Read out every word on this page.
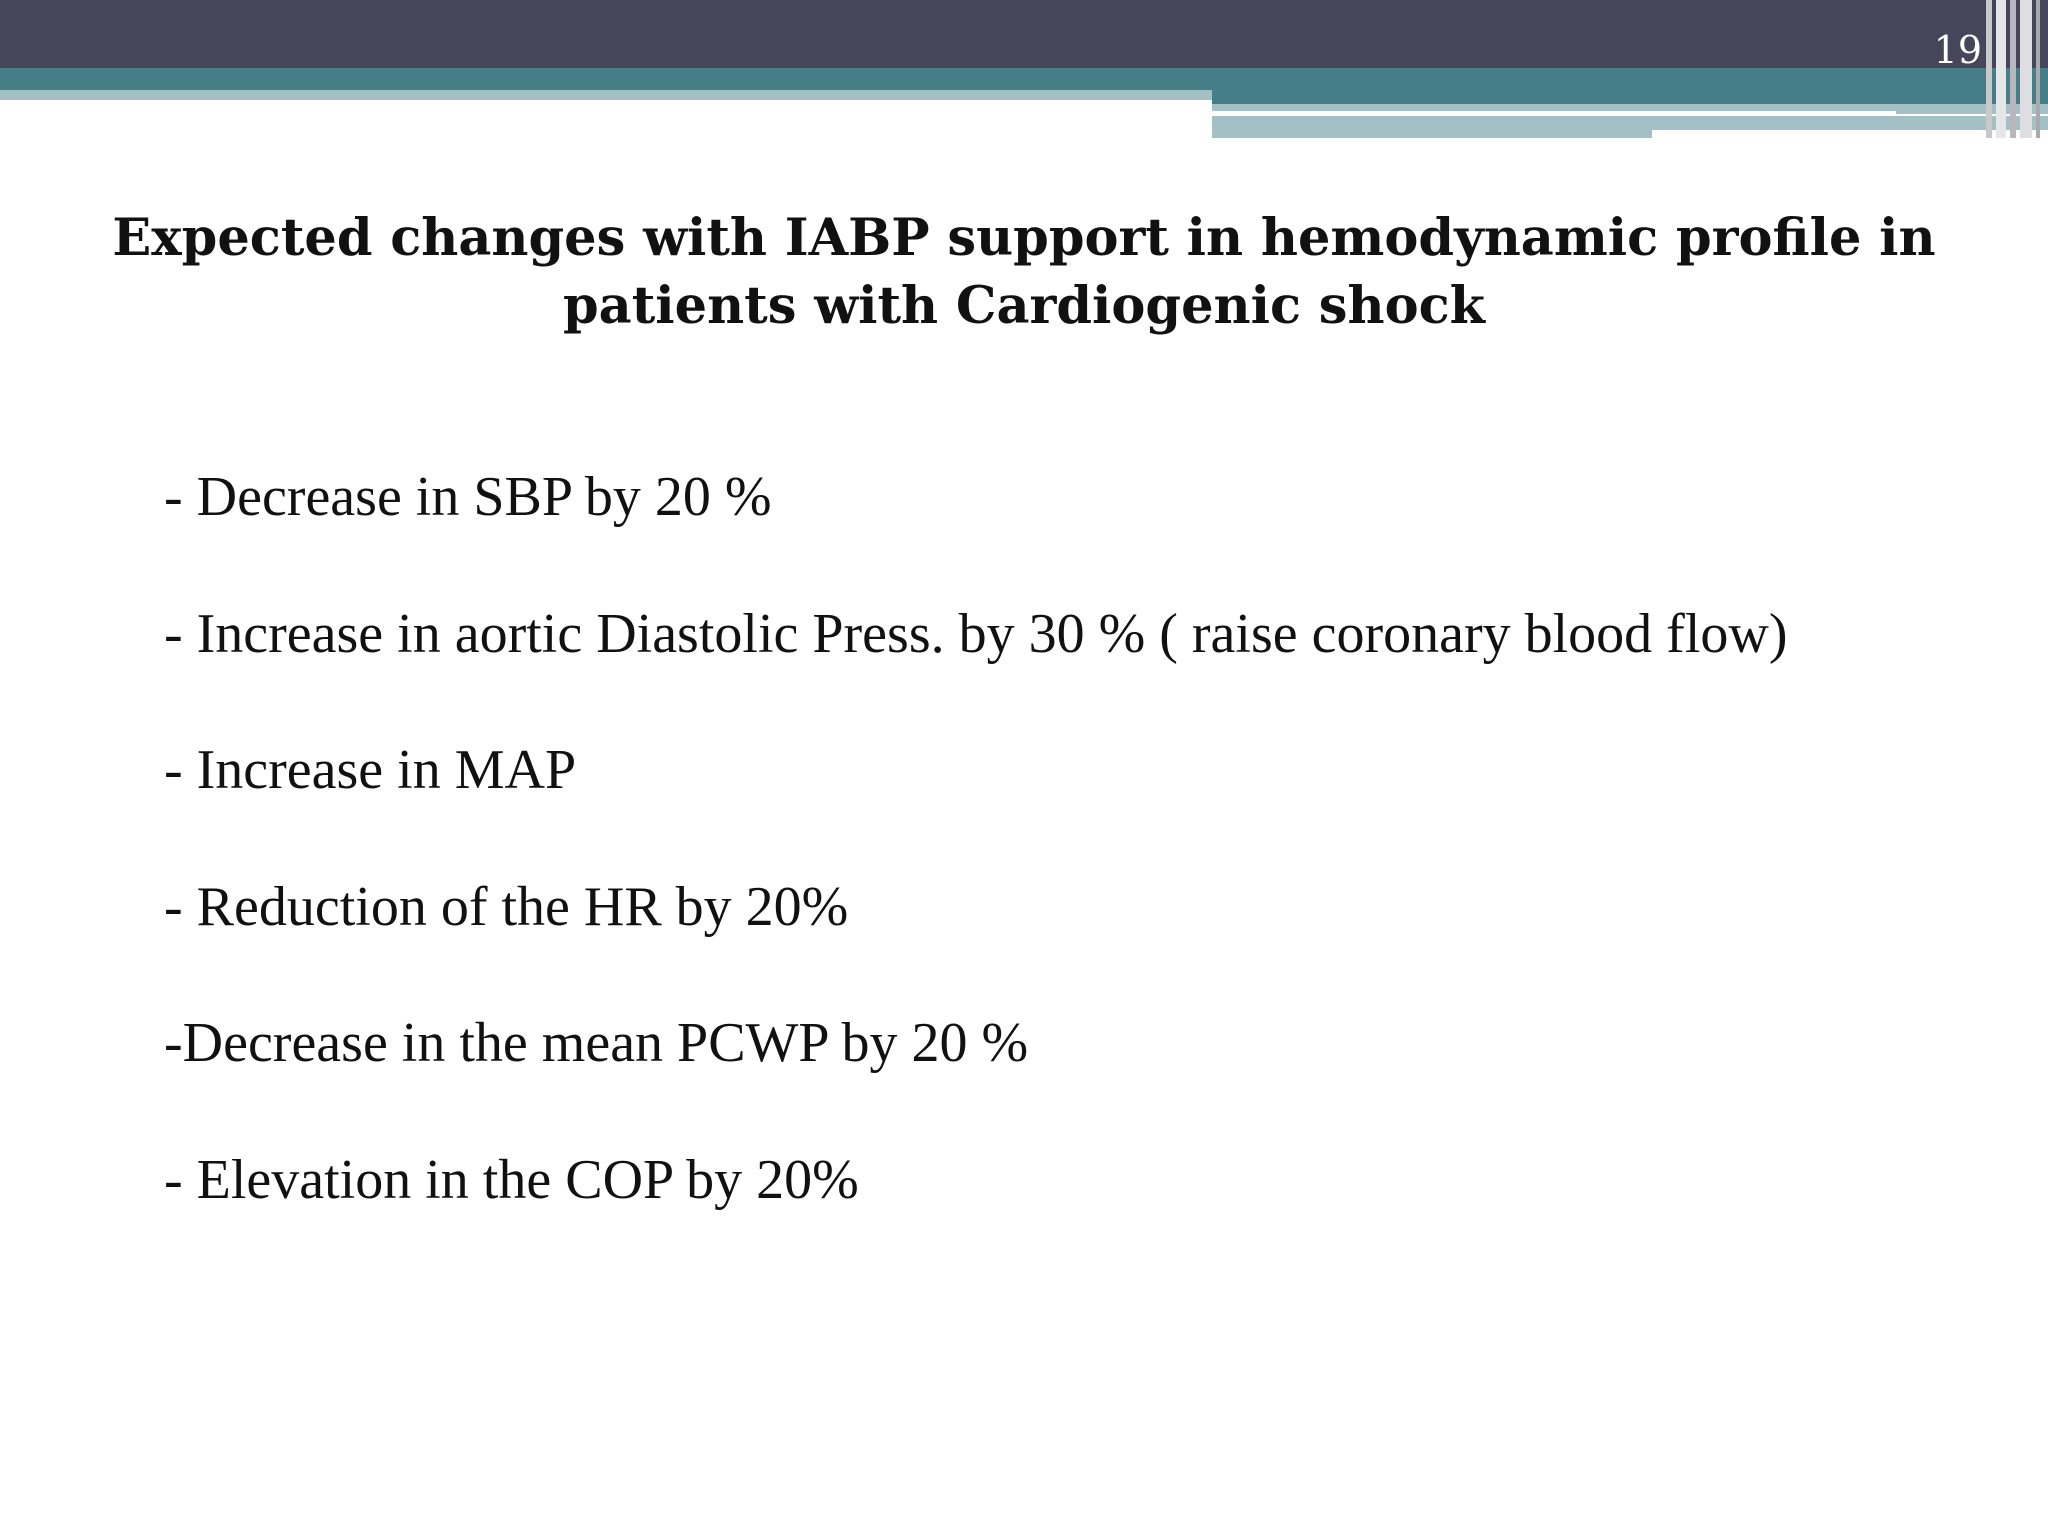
19
Expected changes with IABP support in hemodynamic profile in
patients with Cardiogenic shock
- Decrease in SBP by 20 %
- Increase in aortic Diastolic Press. by 30 % ( raise coronary blood flow)
- Increase in MAP
- Reduction of the HR by 20%
-Decrease in the mean PCWP by 20 %
- Elevation in the COP by 20%
